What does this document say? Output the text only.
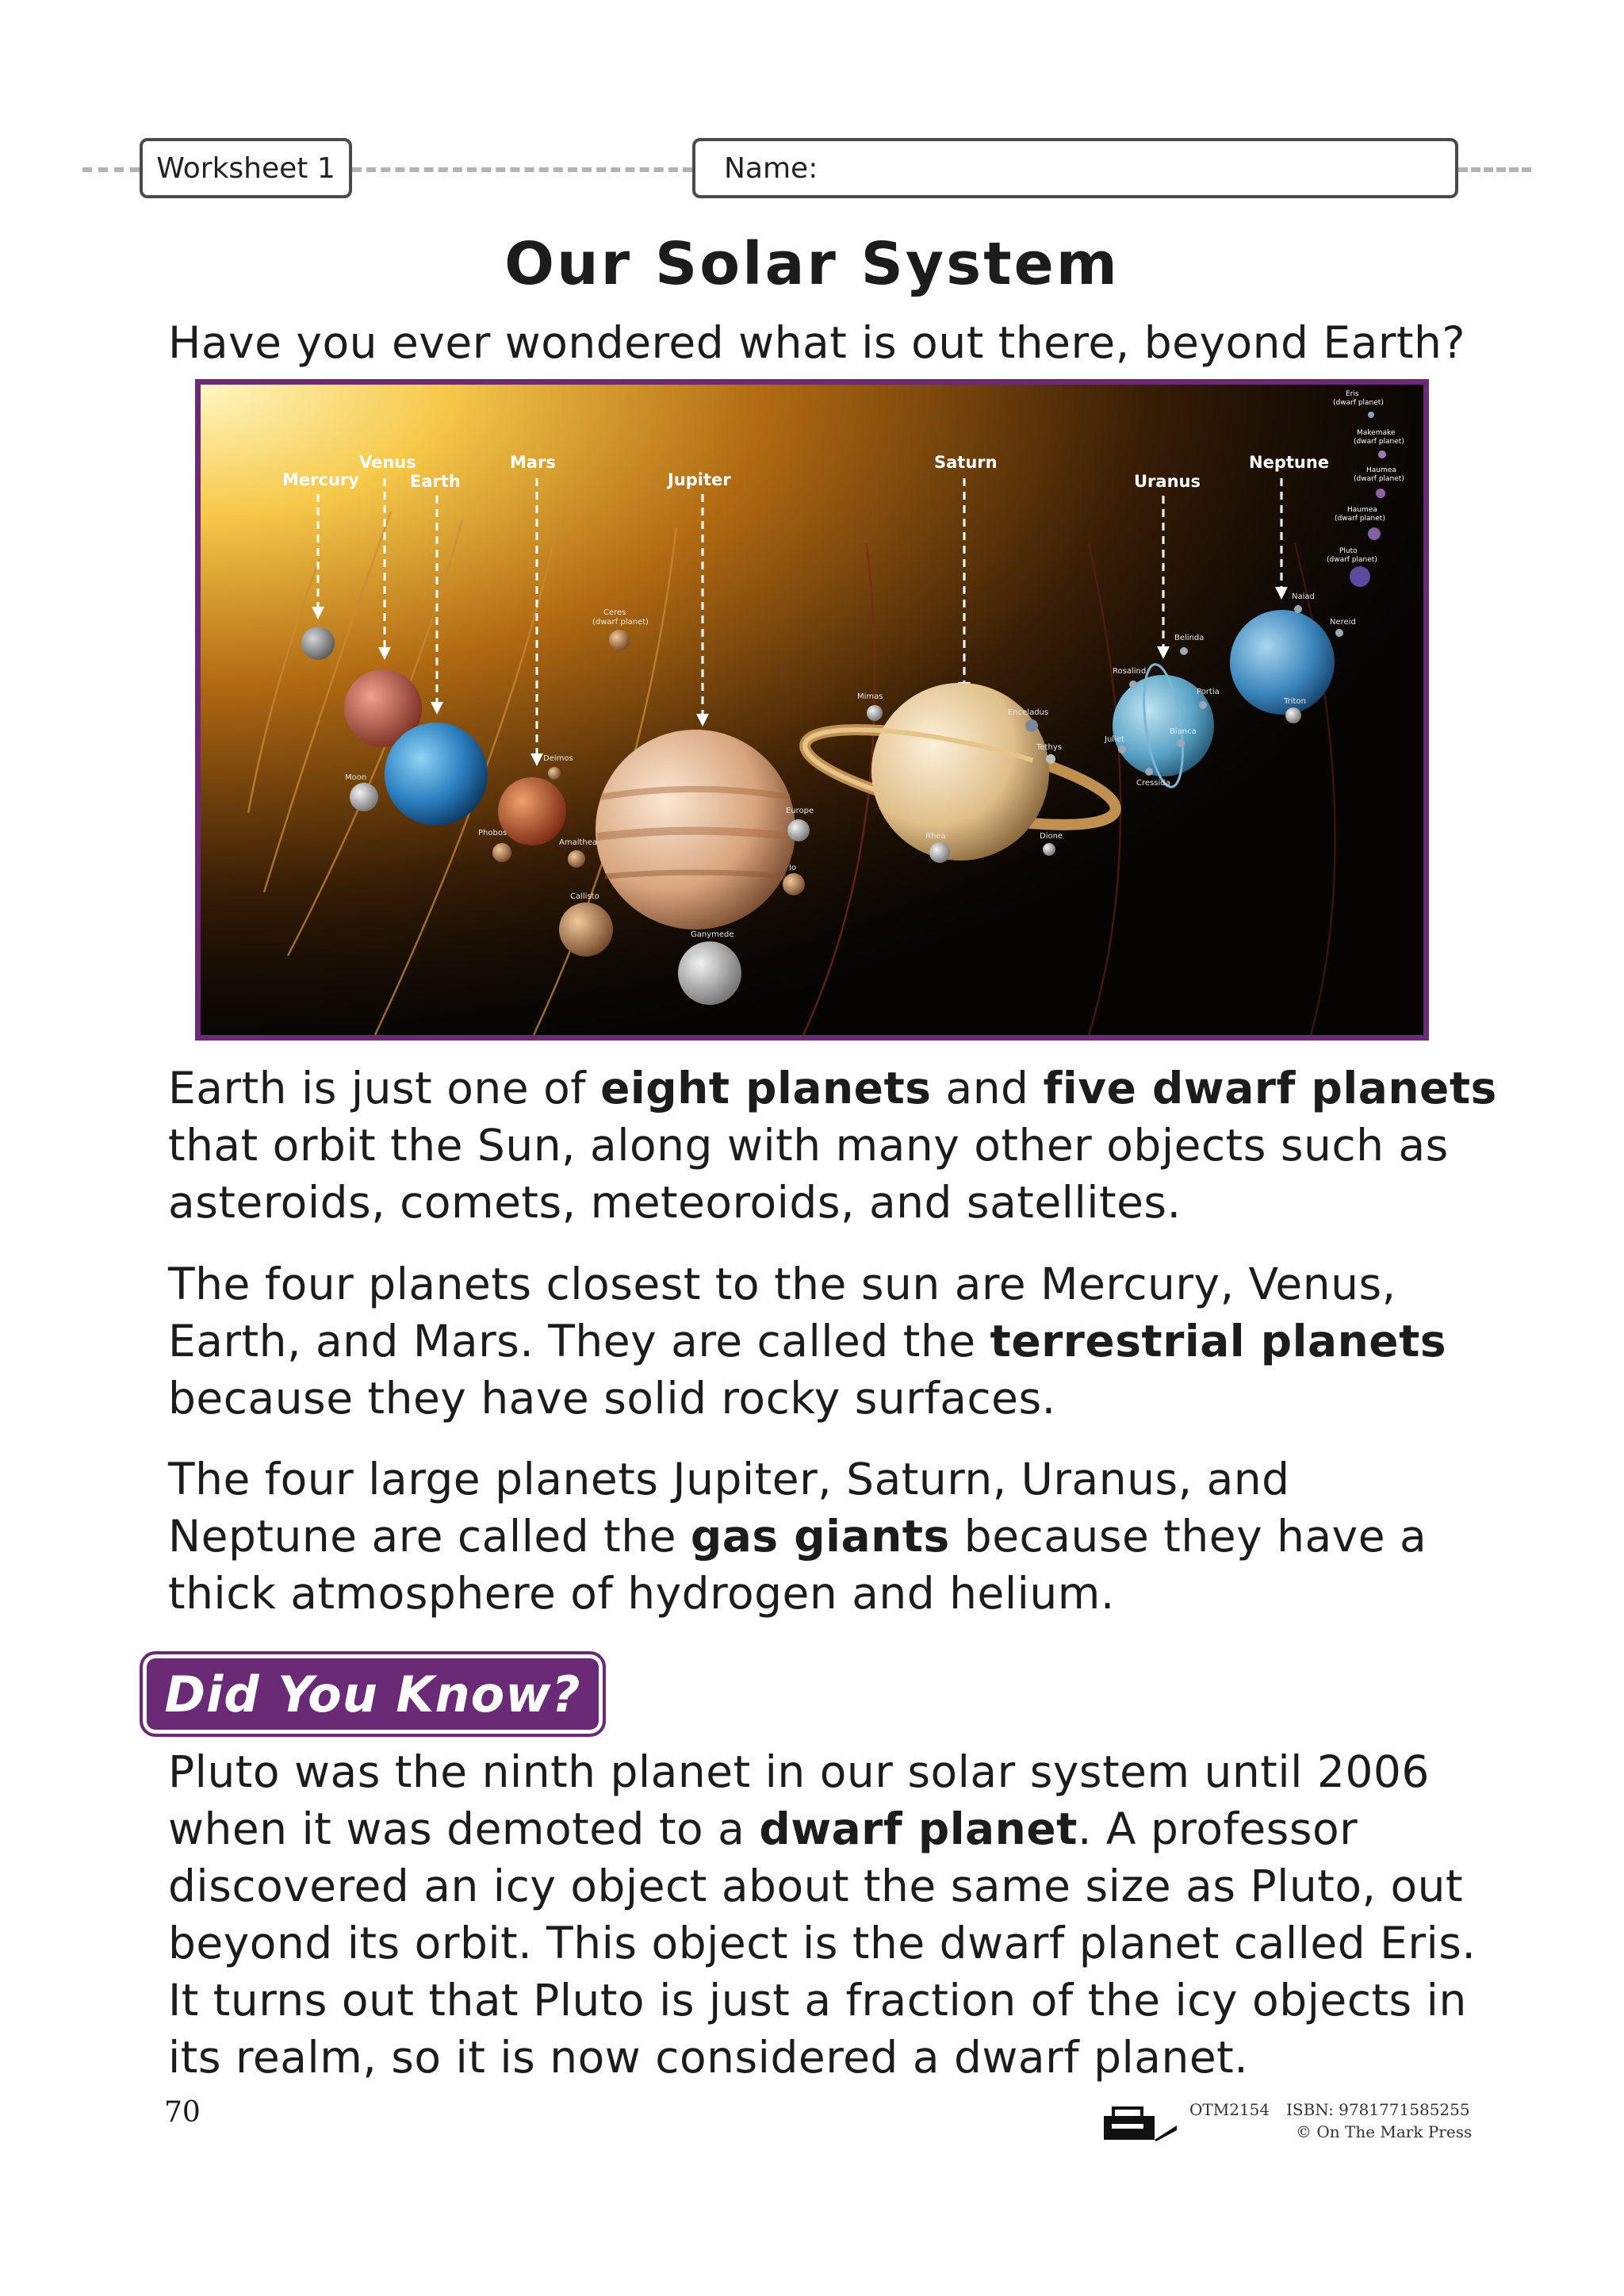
Worksheet 1	Name:
Our Solar System

Have you ever wondered what is out there, beyond Earth?

Mercury
Venus
Earth
Mars
Jupiter
Saturn
Uranus
Neptune
Moon
Phobos
Deimos
Amalthea
Callisto
Ganymede
Europe
Io
Mimas
Enceladus
Tethys
Rhea	Dione
Rosalind
Belinda
Portia
Bianca
Cressida
Juliet
Naiad
Nereid
Triton
Ceres
(dwarf planet)
Eris
(dwarf planet)
Makemake
(dwarf planet)
Haumea
(dwarf planet)
Haumea
(dwarf planet)
Pluto
(dwarf planet)

Earth is just one of eight planets and five dwarf planets
that orbit the Sun, along with many other objects such as
asteroids, comets, meteoroids, and satellites.

The four planets closest to the sun are Mercury, Venus,
Earth, and Mars. They are called the terrestrial planets
because they have solid rocky surfaces.

The four large planets Jupiter, Saturn, Uranus, and
Neptune are called the gas giants because they have a
thick atmosphere of hydrogen and helium.

Did You Know?

Pluto was the ninth planet in our solar system until 2006
when it was demoted to a dwarf planet. A professor
discovered an icy object about the same size as Pluto, out
beyond its orbit. This object is the dwarf planet called Eris.
It turns out that Pluto is just a fraction of the icy objects in
its realm, so it is now considered a dwarf planet.

70	OTM2154 ISBN: 9781771585255
© On The Mark Press
